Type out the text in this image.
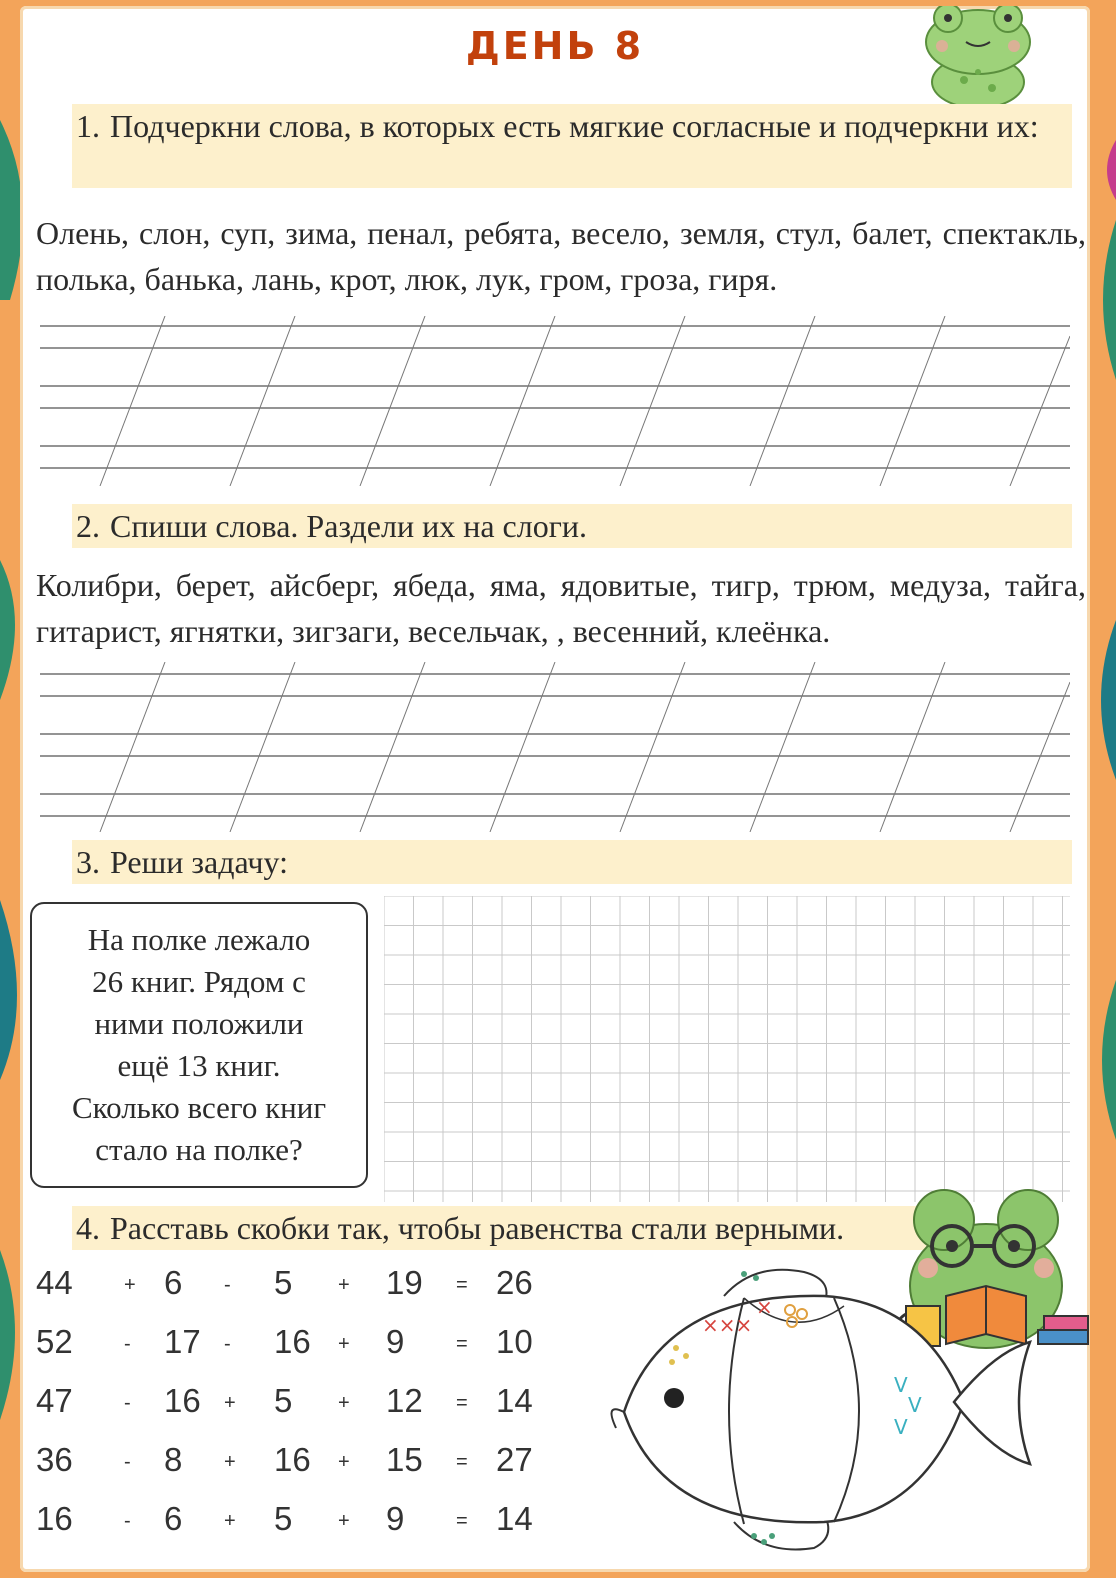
ДЕНЬ 8
1. Подчеркни слова, в которых есть мягкие согласные и подчеркни их:
Олень, слон, суп, зима, пенал, ребята, весело, земля, стул, балет, спектакль, полька, банька, лань, крот, люк, лук, гром, гроза, гиря.
2. Спиши слова. Раздели их на слоги.
Колибри, берет, айсберг, ябеда, яма, ядовитые, тигр, трюм, медуза, тайга, гитарист, ягнятки, зигзаги, весельчак, , весенний, клеёнка.
3. Реши задачу:
На полке лежало
26 книг. Рядом с
ними положили
ещё 13 книг.
Сколько всего книг
стало на полке?
4. Расставь скобки так, чтобы равенства стали верными.
44	+ 6 - 5 + 19 = 26
52	- 17 - 16 + 9	= 10
47	- 16 + 5 + 12 = 14
36	- 8 + 16 + 15 = 27
16	- 6 + 5 + 9	= 14
×××
×
V
V
V
